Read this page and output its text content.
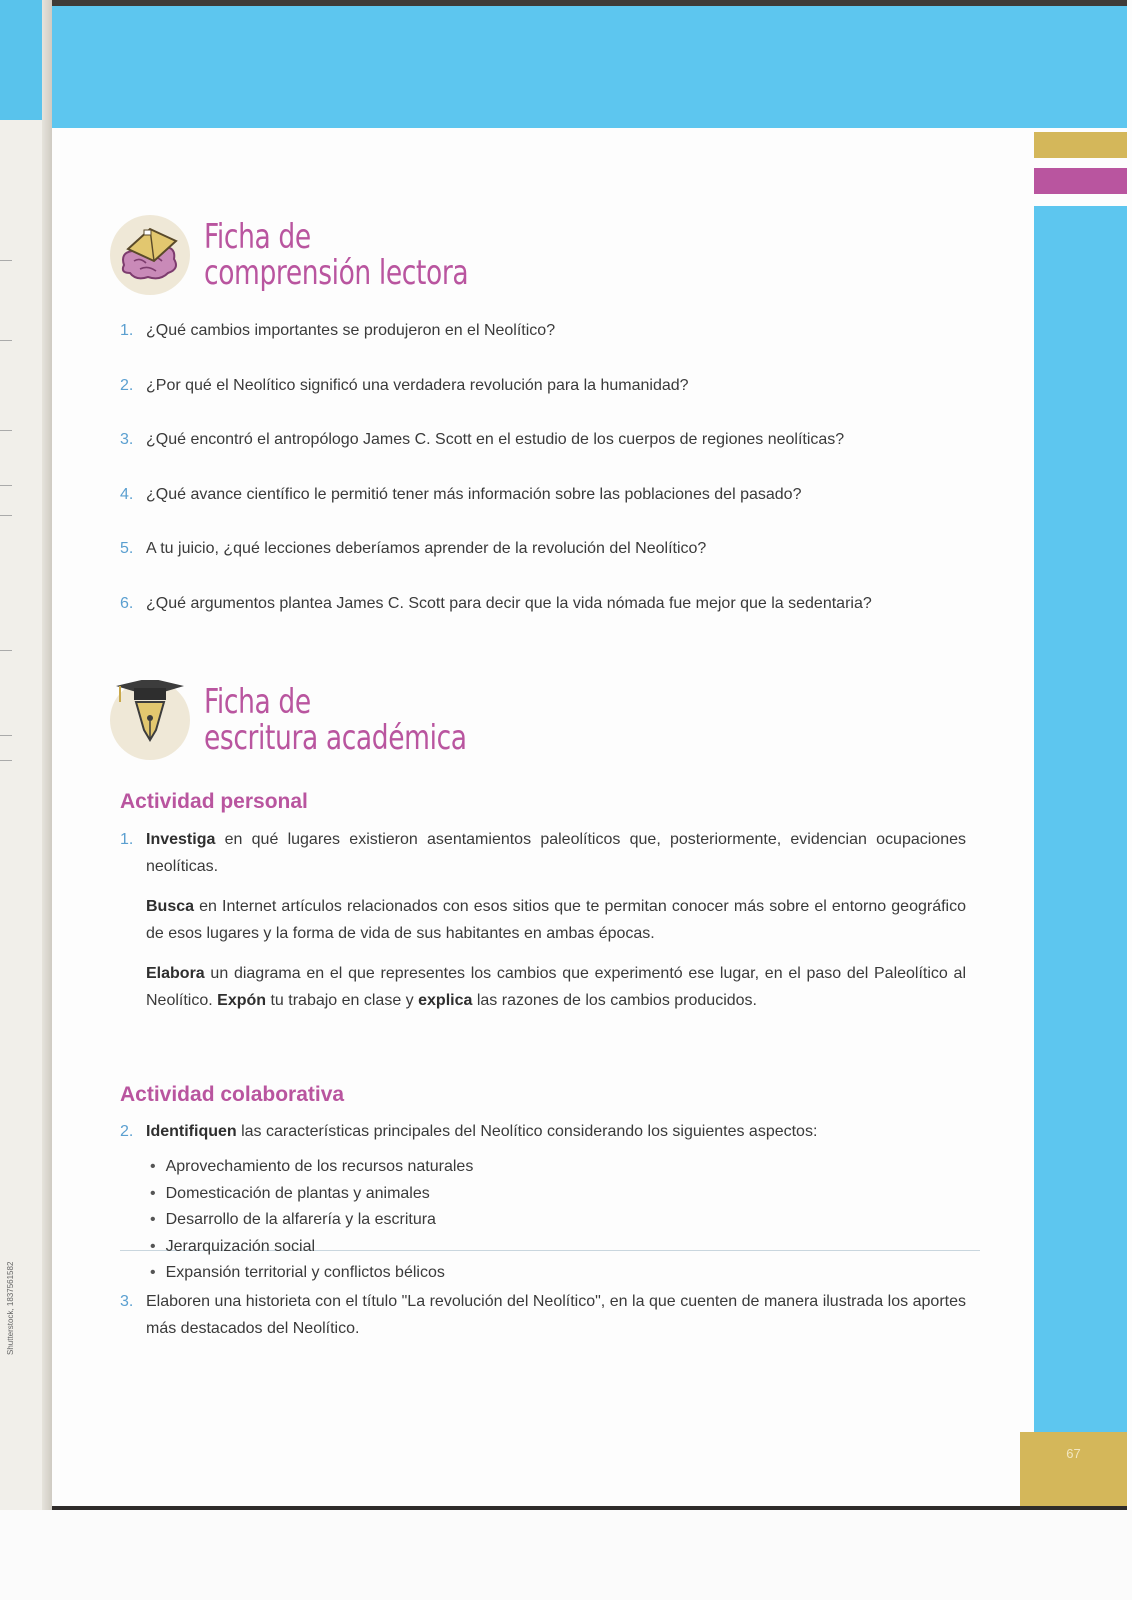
Shutterstock, 1837561582
67
Ficha de
comprensión lectora
1. ¿Qué cambios importantes se produjeron en el Neolítico?
2. ¿Por qué el Neolítico significó una verdadera revolución para la humanidad?
3. ¿Qué encontró el antropólogo James C. Scott en el estudio de los cuerpos de regiones neolíticas?
4. ¿Qué avance científico le permitió tener más información sobre las poblaciones del pasado?
5. A tu juicio, ¿qué lecciones deberíamos aprender de la revolución del Neolítico?
6. ¿Qué argumentos plantea James C. Scott para decir que la vida nómada fue mejor que la sedentaria?
Ficha de
escritura académica
Actividad personal
1. Investiga en qué lugares existieron asentamientos paleolíticos que, posteriormente, evidencian ocupaciones neolíticas.
Busca en Internet artículos relacionados con esos sitios que te permitan conocer más sobre el entorno geográfico de esos lugares y la forma de vida de sus habitantes en ambas épocas.
Elabora un diagrama en el que representes los cambios que experimentó ese lugar, en el paso del Paleolítico al Neolítico. Expón tu trabajo en clase y explica las razones de los cambios producidos.
Actividad colaborativa
2. Identifiquen las características principales del Neolítico considerando los siguientes aspectos:
• Aprovechamiento de los recursos naturales
• Domesticación de plantas y animales
• Desarrollo de la alfarería y la escritura
• Jerarquización social
• Expansión territorial y conflictos bélicos
3. Elaboren una historieta con el título "La revolución del Neolítico", en la que cuenten de manera ilustrada los aportes más destacados del Neolítico.
